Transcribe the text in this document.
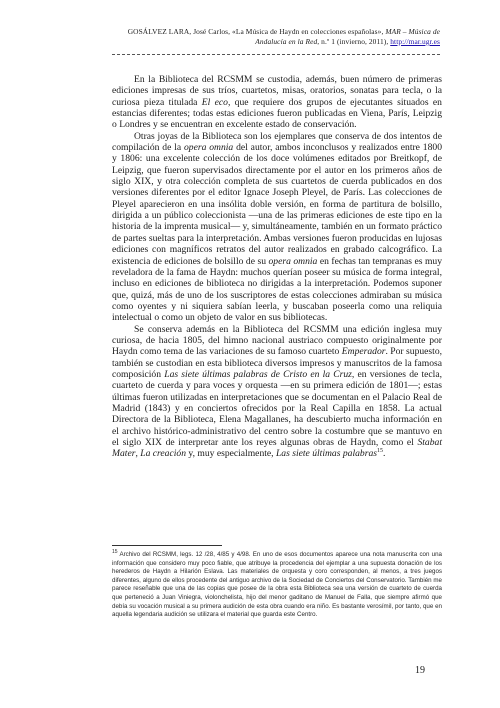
GOSÁLVEZ LARA, José Carlos, «La Música de Haydn en colecciones españolas», MAR – Música de Andalucía en la Red, n.º 1 (invierno, 2011), http://mar.ugr.es

En la Biblioteca del RCSMM se custodia, además, buen número de primeras ediciones impresas de sus tríos, cuartetos, misas, oratorios, sonatas para tecla, o la curiosa pieza titulada El eco, que requiere dos grupos de ejecutantes situados en estancias diferentes; todas estas ediciones fueron publicadas en Viena, París, Leipzig o Londres y se encuentran en excelente estado de conservación.

Otras joyas de la Biblioteca son los ejemplares que conserva de dos intentos de compilación de la opera omnia del autor, ambos inconclusos y realizados entre 1800 y 1806: una excelente colección de los doce volúmenes editados por Breitkopf, de Leipzig, que fueron supervisados directamente por el autor en los primeros años de siglo XIX, y otra colección completa de sus cuartetos de cuerda publicados en dos versiones diferentes por el editor Ignace Joseph Pleyel, de París. Las colecciones de Pleyel aparecieron en una insólita doble versión, en forma de partitura de bolsillo, dirigida a un público coleccionista —una de las primeras ediciones de este tipo en la historia de la imprenta musical— y, simultáneamente, también en un formato práctico de partes sueltas para la interpretación. Ambas versiones fueron producidas en lujosas ediciones con magníficos retratos del autor realizados en grabado calcográfico. La existencia de ediciones de bolsillo de su opera omnia en fechas tan tempranas es muy reveladora de la fama de Haydn: muchos querían poseer su música de forma integral, incluso en ediciones de biblioteca no dirigidas a la interpretación. Podemos suponer que, quizá, más de uno de los suscriptores de estas colecciones admiraban su música como oyentes y ni siquiera sabían leerla, y buscaban poseerla como una reliquia intelectual o como un objeto de valor en sus bibliotecas.

Se conserva además en la Biblioteca del RCSMM una edición inglesa muy curiosa, de hacia 1805, del himno nacional austriaco compuesto originalmente por Haydn como tema de las variaciones de su famoso cuarteto Emperador. Por supuesto, también se custodian en esta biblioteca diversos impresos y manuscritos de la famosa composición Las siete últimas palabras de Cristo en la Cruz, en versiones de tecla, cuarteto de cuerda y para voces y orquesta —en su primera edición de 1801—; estas últimas fueron utilizadas en interpretaciones que se documentan en el Palacio Real de Madrid (1843) y en conciertos ofrecidos por la Real Capilla en 1858. La actual Directora de la Biblioteca, Elena Magallanes, ha descubierto mucha información en el archivo histórico-administrativo del centro sobre la costumbre que se mantuvo en el siglo XIX de interpretar ante los reyes algunas obras de Haydn, como el Stabat Mater, La creación y, muy especialmente, Las siete últimas palabras$^{15}$.

$^{15}$ Archivo del RCSMM, legs. 12 /28, 4/85 y 4/98. En uno de esos documentos aparece una nota manuscrita con una información que considero muy poco fiable, que atribuye la procedencia del ejemplar a una supuesta donación de los herederos de Haydn a Hilarión Eslava. Las materiales de orquesta y coro corresponden, al menos, a tres juegos diferentes, alguno de ellos procedente del antiguo archivo de la Sociedad de Conciertos del Conservatorio. También me parece reseñable que una de las copias que posee de la obra esta Biblioteca sea una versión de cuarteto de cuerda que perteneció a Juan Viniegra, violonchelista, hijo del menor gaditano de Manuel de Falla, que siempre afirmó que debía su vocación musical a su primera audición de esta obra cuando era niño. Es bastante verosímil, por tanto, que en aquella legendaria audición se utilizara el material que guarda este Centro.
19
